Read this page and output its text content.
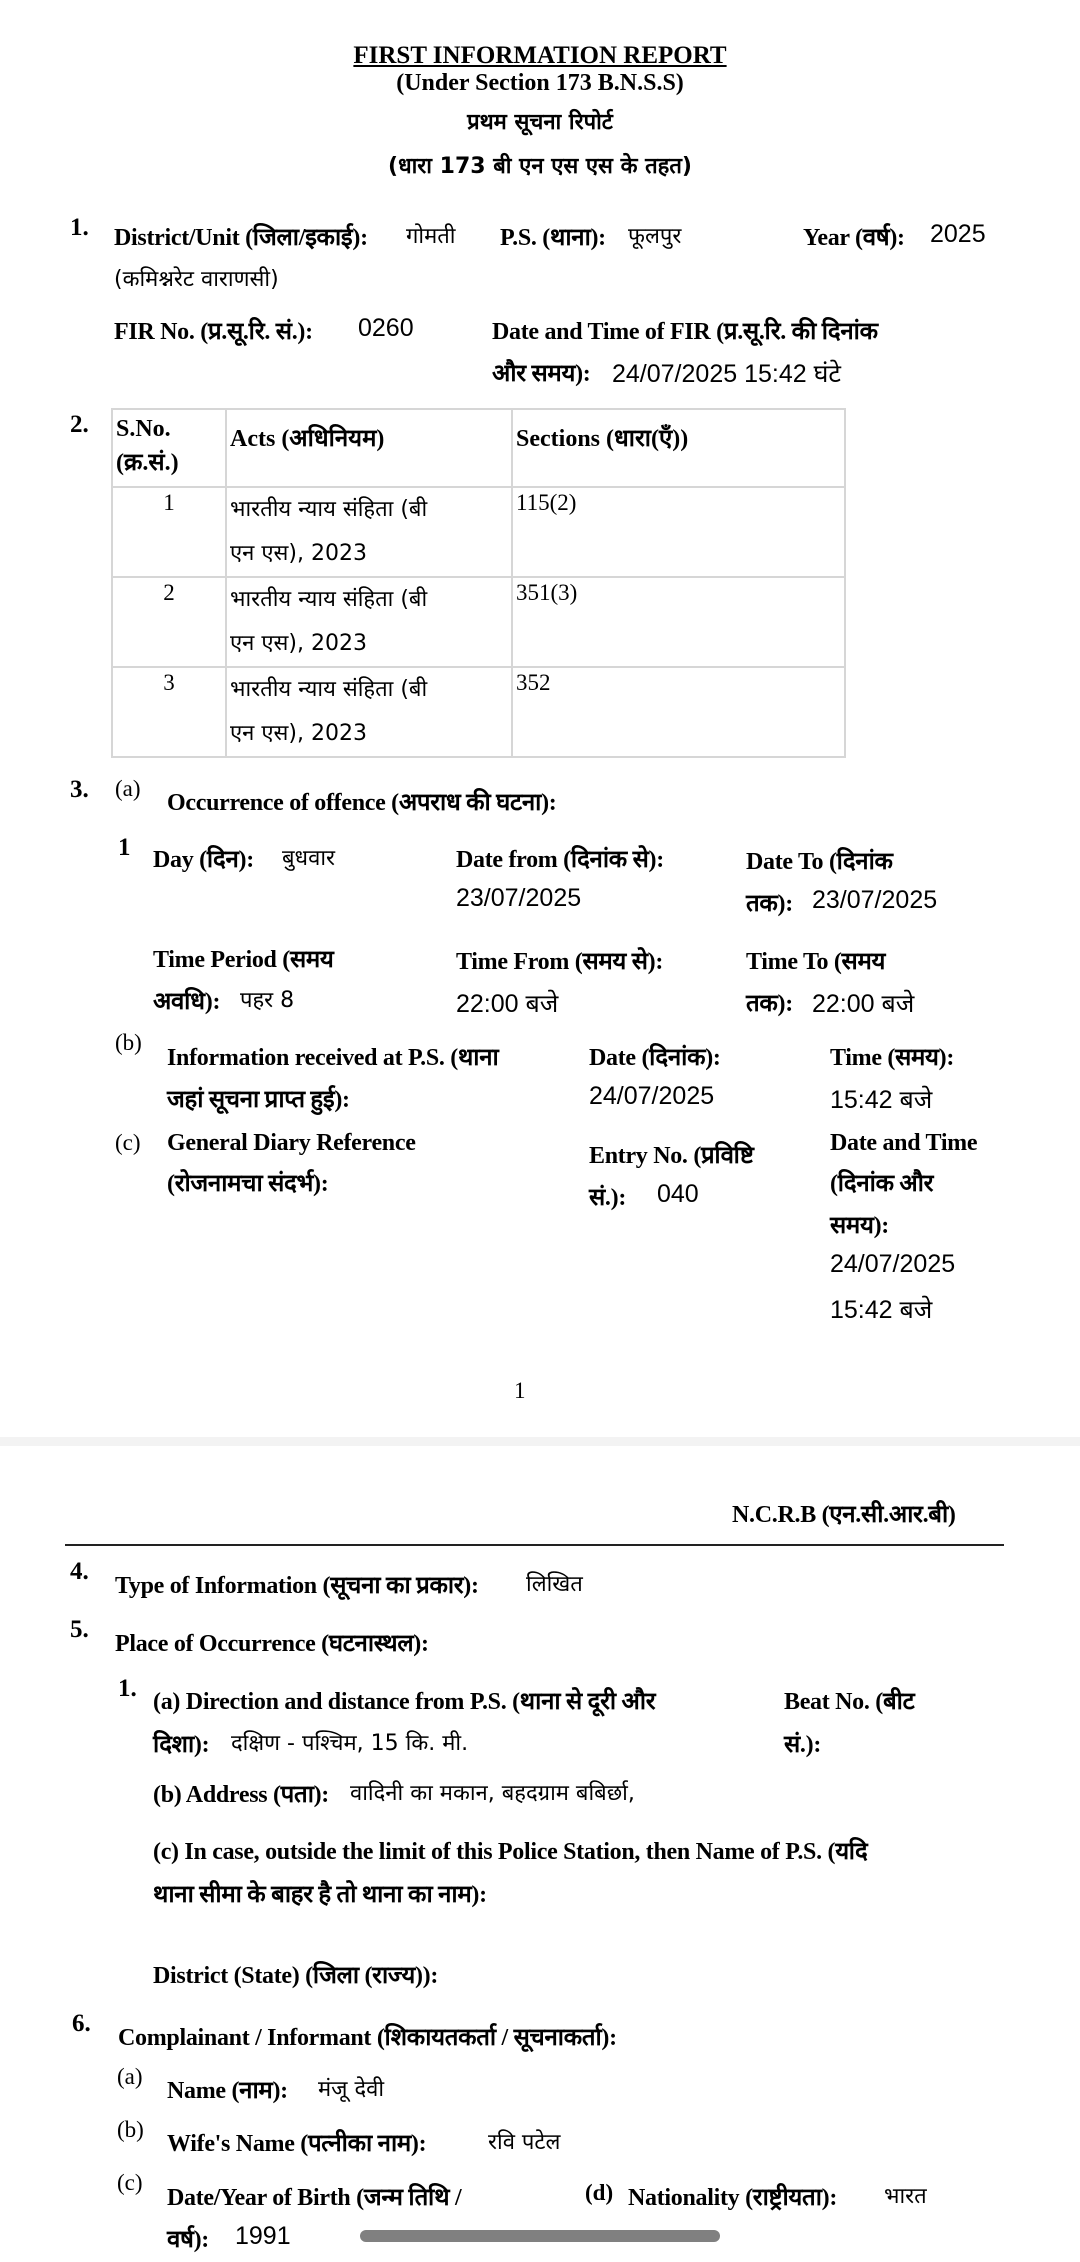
FIRST INFORMATION REPORT
(Under Section 173 B.N.S.S)
प्रथम सूचना रिपोर्ट
(धारा 173 बी एन एस एस के तहत)
1. District/Unit (जिला/इकाई): गोमती
(कमिश्नरेट वाराणसी)
P.S. (थाना): फूलपुर	Year (वर्ष): 2025
FIR No. (प्र.सू.रि. सं.): 0260	Date and Time of FIR (प्र.सू.रि. की दिनांक
और समय): 24/07/2025 15:42 घंटे
2. S.No.
(क्र.सं.)	Acts (अधिनियम)	Sections (धारा(एँ))

1	भारतीय न्याय संहिता (बी
एन एस), 2023	115(2)

2	भारतीय न्याय संहिता (बी
एन एस), 2023	351(3)

3	भारतीय न्याय संहिता (बी
एन एस), 2023	352
3. (a)
Occurrence of offence (अपराध की घटना):
1 Day (दिन): बुधवार	Date from (दिनांक से):
23/07/2025
Date To (दिनांक
तक): 23/07/2025
Time Period (समय
अवधि): पहर 8
Time From (समय से):
22:00 बजे
Time To (समय
तक): 22:00 बजे
(b)
Information received at P.S. (थाना
जहां सूचना प्राप्त हुई):
Date (दिनांक):
24/07/2025
Time (समय):
15:42 बजे
(c) General Diary Reference
(रोजनामचा संदर्भ):
Entry No. (प्रविष्टि
सं.): 040
Date and Time
(दिनांक और
समय):
24/07/2025
15:42 बजे
1
N.C.R.B (एन.सी.आर.बी)
4.
Type of Information (सूचना का प्रकार): लिखित
5.
Place of Occurrence (घटनास्थल):
1. (a) Direction and distance from P.S. (थाना से दूरी और
दिशा): दक्षिण - पश्चिम, 15 कि. मी.
Beat No. (बीट
सं.):
(b) Address (पता): वादिनी का मकान, बहदग्राम बबिर्छा,
(c) In case, outside the limit of this Police Station, then Name of P.S. (यदि
थाना सीमा के बाहर है तो थाना का नाम):
District (State) (जिला (राज्य)):
6.
Complainant / Informant (शिकायतकर्ता / सूचनाकर्ता):
(a)
Name (नाम): मंजू देवी
(b)
Wife's Name (पत्नीका नाम):	रवि पटेल
(c)
Date/Year of Birth (जन्म तिथि /
वर्ष): 1991
(d) Nationality (राष्ट्रीयता): भारत
